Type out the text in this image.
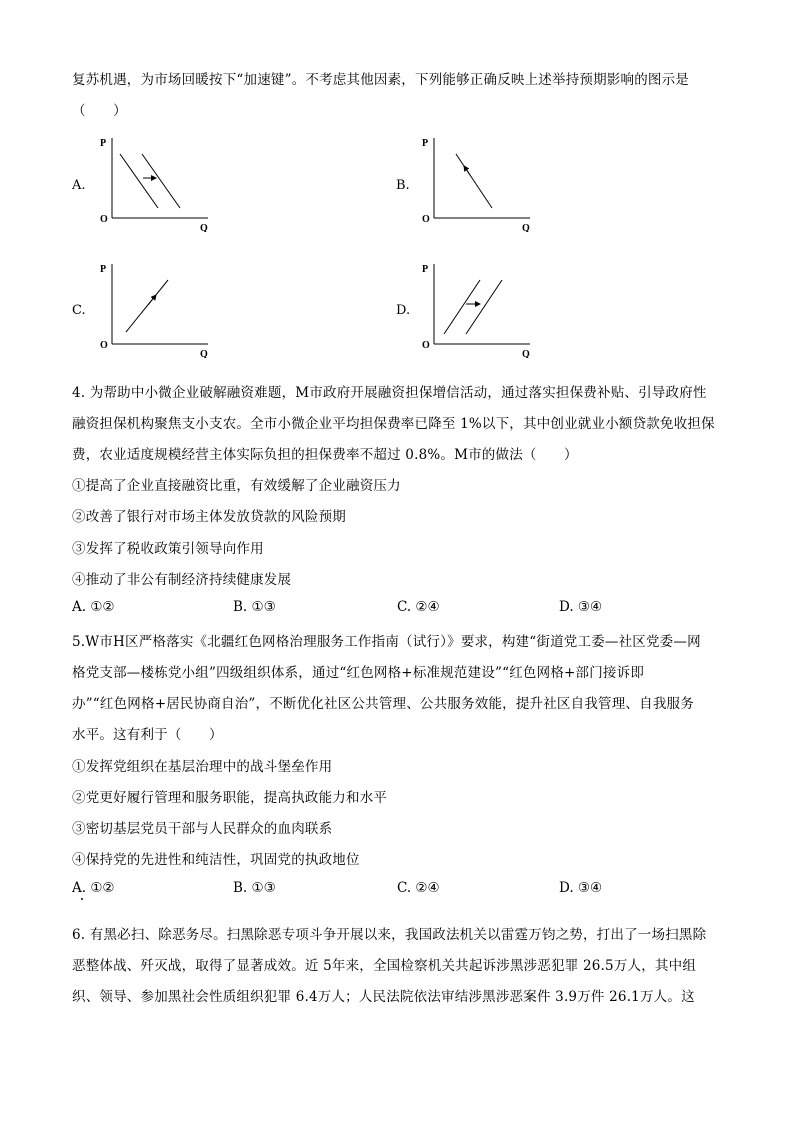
复苏机遇，为市场回暖按下“加速键”。不考虑其他因素，下列能够正确反映上述举持预期影响的图示是
（　　）
A.
P
O
Q
B.
P
O
Q
C.
P
O
Q
D.
P
O
Q
4. 为帮助中小微企业破解融资难题，M市政府开展融资担保增信活动，通过落实担保费补贴、引导政府性
融资担保机构聚焦支小支农。全市小微企业平均担保费率已降至 1%以下，其中创业就业小额贷款免收担保
费，农业适度规模经营主体实际负担的担保费率不超过 0.8%。M市的做法（　　）
①提高了企业直接融资比重，有效缓解了企业融资压力
②改善了银行对市场主体发放贷款的风险预期
③发挥了税收政策引领导向作用
④推动了非公有制经济持续健康发展
A. ①②	B. ①③	C. ②④	D. ③④
5.W市H区严格落实《北疆红色网格治理服务工作指南（试行）》要求，构建“街道党工委—社区党委—网
格党支部—楼栋党小组”四级组织体系，通过“红色网格+标准规范建设”“红色网格+部门接诉即
办”“红色网格+居民协商自治”，不断优化社区公共管理、公共服务效能，提升社区自我管理、自我服务
水平。这有利于（　　）
①发挥党组织在基层治理中的战斗堡垒作用
②党更好履行管理和服务职能，提高执政能力和水平
③密切基层党员干部与人民群众的血肉联系
④保持党的先进性和纯洁性，巩固党的执政地位
A. ①②	B. ①③	C. ②④	D. ③④
6. 有黑必扫、除恶务尽。扫黑除恶专项斗争开展以来，我国政法机关以雷霆万钧之势，打出了一场扫黑除
恶整体战、歼灭战，取得了显著成效。近 5年来，全国检察机关共起诉涉黑涉恶犯罪 26.5万人，其中组
织、领导、参加黑社会性质组织犯罪 6.4万人；人民法院依法审结涉黑涉恶案件 3.9万件 26.1万人。这
